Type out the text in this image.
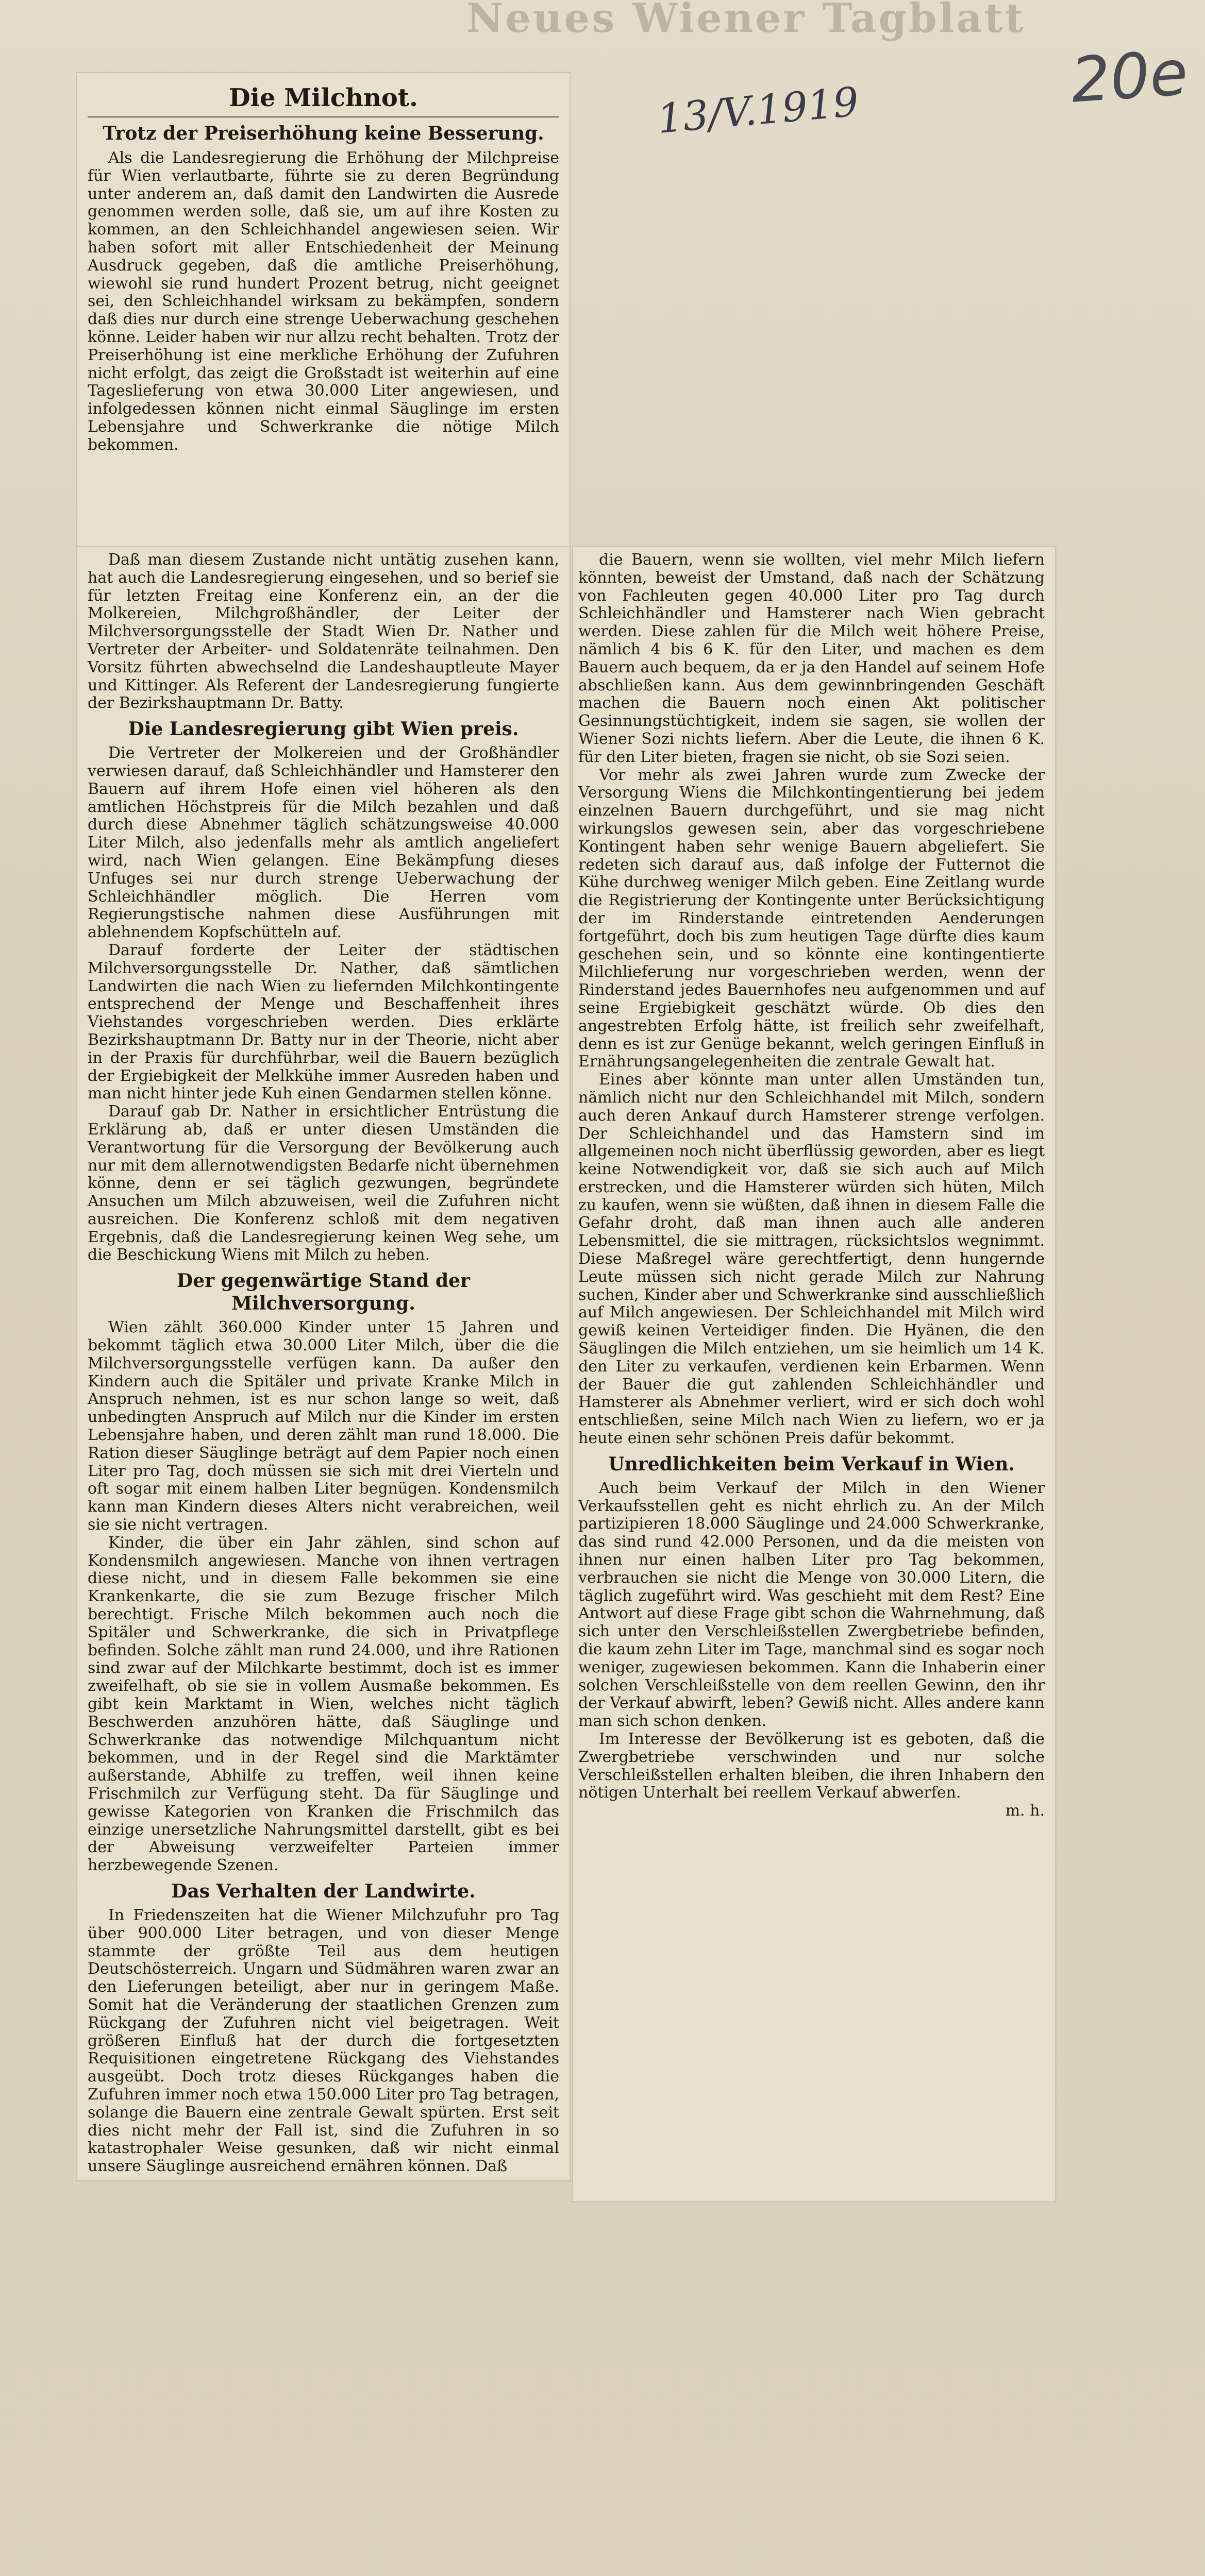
Neues Wiener Tagblatt
20e
13/V.1919
Die Milchnot.
Trotz der Preiserhöhung keine Besserung.

Als die Landesregierung die Erhöhung der Milchpreise für Wien verlautbarte, führte sie zu deren Begründung unter anderem an, daß damit den Landwirten die Ausrede genommen werden solle, daß sie, um auf ihre Kosten zu kommen, an den Schleichhandel angewiesen seien. Wir haben sofort mit aller Entschiedenheit der Meinung Ausdruck gegeben, daß die amtliche Preiserhöhung, wiewohl sie rund hundert Prozent betrug, nicht geeignet sei, den Schleichhandel wirksam zu bekämpfen, sondern daß dies nur durch eine strenge Ueberwachung geschehen könne. Leider haben wir nur allzu recht behalten. Trotz der Preiserhöhung ist eine merkliche Erhöhung der Zufuhren nicht erfolgt, das zeigt die Großstadt ist weiterhin auf eine Tageslieferung von etwa 30.000 Liter angewiesen, und infolgedessen können nicht einmal Säuglinge im ersten Lebensjahre und Schwerkranke die nötige Milch bekommen.

Daß man diesem Zustande nicht untätig zusehen kann, hat auch die Landesregierung eingesehen, und so berief sie für letzten Freitag eine Konferenz ein, an der die Molkereien, Milchgroßhändler, der Leiter der Milchversorgungsstelle der Stadt Wien Dr. Nather und Vertreter der Arbeiter- und Soldatenräte teilnahmen. Den Vorsitz führten abwechselnd die Landeshauptleute Mayer und Kittinger. Als Referent der Landesregierung fungierte der Bezirkshauptmann Dr. Batty.

Die Landesregierung gibt Wien preis.

Die Vertreter der Molkereien und der Großhändler verwiesen darauf, daß Schleichhändler und Hamsterer den Bauern auf ihrem Hofe einen viel höheren als den amtlichen Höchstpreis für die Milch bezahlen und daß durch diese Abnehmer täglich schätzungsweise 40.000 Liter Milch, also jedenfalls mehr als amtlich angeliefert wird, nach Wien gelangen. Eine Bekämpfung dieses Unfuges sei nur durch strenge Ueberwachung der Schleichhändler möglich. Die Herren vom Regierungstische nahmen diese Ausführungen mit ablehnendem Kopfschütteln auf.

Darauf forderte der Leiter der städtischen Milchversorgungsstelle Dr. Nather, daß sämtlichen Landwirten die nach Wien zu liefernden Milchkontingente entsprechend der Menge und Beschaffenheit ihres Viehstandes vorgeschrieben werden. Dies erklärte Bezirkshauptmann Dr. Batty nur in der Theorie, nicht aber in der Praxis für durchführbar, weil die Bauern bezüglich der Ergiebigkeit der Melkkühe immer Ausreden haben und man nicht hinter jede Kuh einen Gendarmen stellen könne.

Darauf gab Dr. Nather in ersichtlicher Entrüstung die Erklärung ab, daß er unter diesen Umständen die Verantwortung für die Versorgung der Bevölkerung auch nur mit dem allernotwendigsten Bedarfe nicht übernehmen könne, denn er sei täglich gezwungen, begründete Ansuchen um Milch abzuweisen, weil die Zufuhren nicht ausreichen. Die Konferenz schloß mit dem negativen Ergebnis, daß die Landesregierung keinen Weg sehe, um die Beschickung Wiens mit Milch zu heben.

Der gegenwärtige Stand der Milchversorgung.

Wien zählt 360.000 Kinder unter 15 Jahren und bekommt täglich etwa 30.000 Liter Milch, über die die Milchversorgungsstelle verfügen kann. Da außer den Kindern auch die Spitäler und private Kranke Milch in Anspruch nehmen, ist es nur schon lange so weit, daß unbedingten Anspruch auf Milch nur die Kinder im ersten Lebensjahre haben, und deren zählt man rund 18.000. Die Ration dieser Säuglinge beträgt auf dem Papier noch einen Liter pro Tag, doch müssen sie sich mit drei Vierteln und oft sogar mit einem halben Liter begnügen. Kondensmilch kann man Kindern dieses Alters nicht verabreichen, weil sie sie nicht vertragen.

Kinder, die über ein Jahr zählen, sind schon auf Kondensmilch angewiesen. Manche von ihnen vertragen diese nicht, und in diesem Falle bekommen sie eine Krankenkarte, die sie zum Bezuge frischer Milch berechtigt. Frische Milch bekommen auch noch die Spitäler und Schwerkranke, die sich in Privatpflege befinden. Solche zählt man rund 24.000, und ihre Rationen sind zwar auf der Milchkarte bestimmt, doch ist es immer zweifelhaft, ob sie sie in vollem Ausmaße bekommen. Es gibt kein Marktamt in Wien, welches nicht täglich Beschwerden anzuhören hätte, daß Säuglinge und Schwerkranke das notwendige Milchquantum nicht bekommen, und in der Regel sind die Marktämter außerstande, Abhilfe zu treffen, weil ihnen keine Frischmilch zur Verfügung steht. Da für Säuglinge und gewisse Kategorien von Kranken die Frischmilch das einzige unersetzliche Nahrungsmittel darstellt, gibt es bei der Abweisung verzweifelter Parteien immer herzbewegende Szenen.

Das Verhalten der Landwirte.

In Friedenszeiten hat die Wiener Milchzufuhr pro Tag über 900.000 Liter betragen, und von dieser Menge stammte der größte Teil aus dem heutigen Deutschösterreich. Ungarn und Südmähren waren zwar an den Lieferungen beteiligt, aber nur in geringem Maße. Somit hat die Veränderung der staatlichen Grenzen zum Rückgang der Zufuhren nicht viel beigetragen. Weit größeren Einfluß hat der durch die fortgesetzten Requisitionen eingetretene Rückgang des Viehstandes ausgeübt. Doch trotz dieses Rückganges haben die Zufuhren immer noch etwa 150.000 Liter pro Tag betragen, solange die Bauern eine zentrale Gewalt spürten. Erst seit dies nicht mehr der Fall ist, sind die Zufuhren in so katastrophaler Weise gesunken, daß wir nicht einmal unsere Säuglinge ausreichend ernähren können. Daß

die Bauern, wenn sie wollten, viel mehr Milch liefern könnten, beweist der Umstand, daß nach der Schätzung von Fachleuten gegen 40.000 Liter pro Tag durch Schleichhändler und Hamsterer nach Wien gebracht werden. Diese zahlen für die Milch weit höhere Preise, nämlich 4 bis 6 K. für den Liter, und machen es dem Bauern auch bequem, da er ja den Handel auf seinem Hofe abschließen kann. Aus dem gewinnbringenden Geschäft machen die Bauern noch einen Akt politischer Gesinnungstüchtigkeit, indem sie sagen, sie wollen der Wiener Sozi nichts liefern. Aber die Leute, die ihnen 6 K. für den Liter bieten, fragen sie nicht, ob sie Sozi seien.

Vor mehr als zwei Jahren wurde zum Zwecke der Versorgung Wiens die Milchkontingentierung bei jedem einzelnen Bauern durchgeführt, und sie mag nicht wirkungslos gewesen sein, aber das vorgeschriebene Kontingent haben sehr wenige Bauern abgeliefert. Sie redeten sich darauf aus, daß infolge der Futternot die Kühe durchweg weniger Milch geben. Eine Zeitlang wurde die Registrierung der Kontingente unter Berücksichtigung der im Rinderstande eintretenden Aenderungen fortgeführt, doch bis zum heutigen Tage dürfte dies kaum geschehen sein, und so könnte eine kontingentierte Milchlieferung nur vorgeschrieben werden, wenn der Rinderstand jedes Bauernhofes neu aufgenommen und auf seine Ergiebigkeit geschätzt würde. Ob dies den angestrebten Erfolg hätte, ist freilich sehr zweifelhaft, denn es ist zur Genüge bekannt, welch geringen Einfluß in Ernährungsangelegenheiten die zentrale Gewalt hat.

Eines aber könnte man unter allen Umständen tun, nämlich nicht nur den Schleichhandel mit Milch, sondern auch deren Ankauf durch Hamsterer strenge verfolgen. Der Schleichhandel und das Hamstern sind im allgemeinen noch nicht überflüssig geworden, aber es liegt keine Notwendigkeit vor, daß sie sich auch auf Milch erstrecken, und die Hamsterer würden sich hüten, Milch zu kaufen, wenn sie wüßten, daß ihnen in diesem Falle die Gefahr droht, daß man ihnen auch alle anderen Lebensmittel, die sie mittragen, rücksichtslos wegnimmt. Diese Maßregel wäre gerechtfertigt, denn hungernde Leute müssen sich nicht gerade Milch zur Nahrung suchen, Kinder aber und Schwerkranke sind ausschließlich auf Milch angewiesen. Der Schleichhandel mit Milch wird gewiß keinen Verteidiger finden. Die Hyänen, die den Säuglingen die Milch entziehen, um sie heimlich um 14 K. den Liter zu verkaufen, verdienen kein Erbarmen. Wenn der Bauer die gut zahlenden Schleichhändler und Hamsterer als Abnehmer verliert, wird er sich doch wohl entschließen, seine Milch nach Wien zu liefern, wo er ja heute einen sehr schönen Preis dafür bekommt.

Unredlichkeiten beim Verkauf in Wien.

Auch beim Verkauf der Milch in den Wiener Verkaufsstellen geht es nicht ehrlich zu. An der Milch partizipieren 18.000 Säuglinge und 24.000 Schwerkranke, das sind rund 42.000 Personen, und da die meisten von ihnen nur einen halben Liter pro Tag bekommen, verbrauchen sie nicht die Menge von 30.000 Litern, die täglich zugeführt wird. Was geschieht mit dem Rest? Eine Antwort auf diese Frage gibt schon die Wahrnehmung, daß sich unter den Verschleißstellen Zwergbetriebe befinden, die kaum zehn Liter im Tage, manchmal sind es sogar noch weniger, zugewiesen bekommen. Kann die Inhaberin einer solchen Verschleißstelle von dem reellen Gewinn, den ihr der Verkauf abwirft, leben? Gewiß nicht. Alles andere kann man sich schon denken.

Im Interesse der Bevölkerung ist es geboten, daß die Zwergbetriebe verschwinden und nur solche Verschleißstellen erhalten bleiben, die ihren Inhabern den nötigen Unterhalt bei reellem Verkauf abwerfen.

m. h.
